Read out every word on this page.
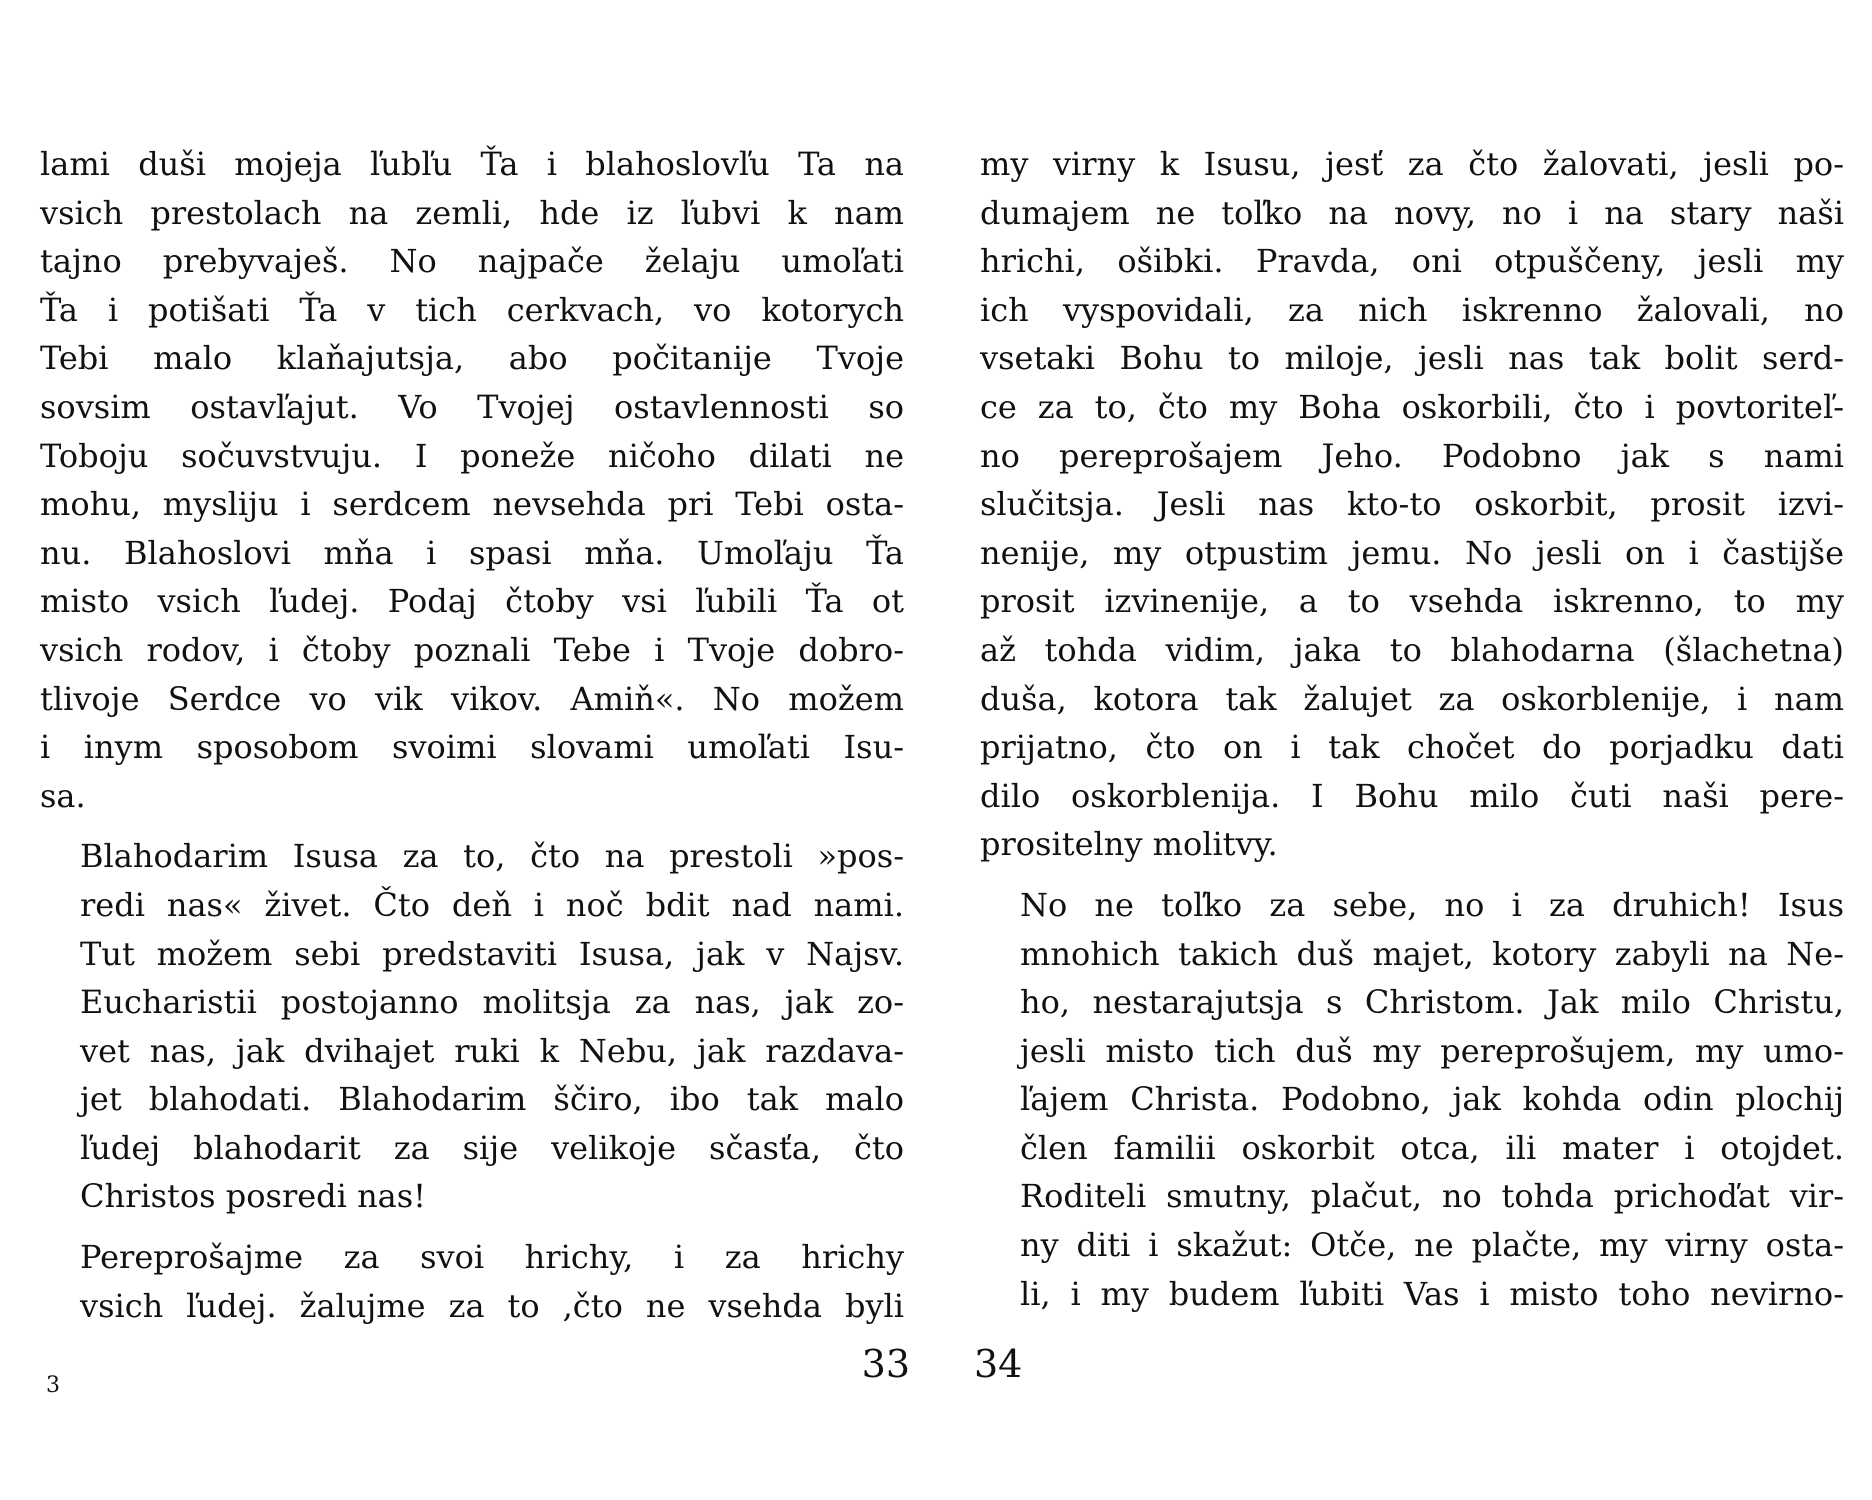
lami duši mojeja ľubľu Ťa i blahoslovľu Ta na
vsich prestolach na zemli, hde iz ľubvi k nam
tajno prebyvaješ. No najpače želaju umoľati
Ťa i potišati Ťa v tich cerkvach, vo kotorych
Tebi malo klaňajutsja, abo počitanije Tvoje
sovsim ostavľajut. Vo Tvojej ostavlennosti so
Toboju sočuvstvuju. I poneže ničoho dilati ne
mohu, mysliju i serdcem nevsehda pri Tebi osta-
nu. Blahoslovi mňa i spasi mňa. Umoľaju Ťa
misto vsich ľudej. Podaj čtoby vsi ľubili Ťa ot
vsich rodov, i čtoby poznali Tebe i Tvoje dobro-
tlivoje Serdce vo vik vikov. Amiň«. No možem
i inym sposobom svoimi slovami umoľati Isu-
sa.

Blahodarim Isusa za to, čto na prestoli »pos-
redi nas« živet. Čto deň i noč bdit nad nami.
Tut možem sebi predstaviti Isusa, jak v Najsv.
Eucharistii postojanno molitsja za nas, jak zo-
vet nas, jak dvihajet ruki k Nebu, jak razdava-
jet blahodati. Blahodarim ščiro, ibo tak malo
ľudej blahodarit za sije velikoje sčasťa, čto
Christos posredi nas!

Pereprošajme za svoi hrichy, i za hrichy
vsich ľudej. žalujme za to ,čto ne vsehda byli

3	33

my virny k Isusu, jesť za čto žalovati, jesli po-
dumajem ne toľko na novy, no i na stary naši
hrichi, ošibki. Pravda, oni otpuščeny, jesli my
ich vyspovidali, za nich iskrenno žalovali, no
vsetaki Bohu to miloje, jesli nas tak bolit serd-
ce za to, čto my Boha oskorbili, čto i povtoriteľ-
no pereprošajem Jeho. Podobno jak s nami
slučitsja. Jesli nas kto-to oskorbit, prosit izvi-
nenije, my otpustim jemu. No jesli on i častijše
prosit izvinenije, a to vsehda iskrenno, to my
až tohda vidim, jaka to blahodarna (šlachetna)
duša, kotora tak žalujet za oskorblenije, i nam
prijatno, čto on i tak chočet do porjadku dati
dilo oskorblenija. I Bohu milo čuti naši pere-
prositelny molitvy.

No ne toľko za sebe, no i za druhich! Isus
mnohich takich duš majet, kotory zabyli na Ne-
ho, nestarajutsja s Christom. Jak milo Christu,
jesli misto tich duš my pereprošujem, my umo-
ľajem Christa. Podobno, jak kohda odin plochij
člen familii oskorbit otca, ili mater i otojdet.
Roditeli smutny, plačut, no tohda prichoďat vir-
ny diti i skažut: Otče, ne plačte, my virny osta-
li, i my budem ľubiti Vas i misto toho nevirno-

34
